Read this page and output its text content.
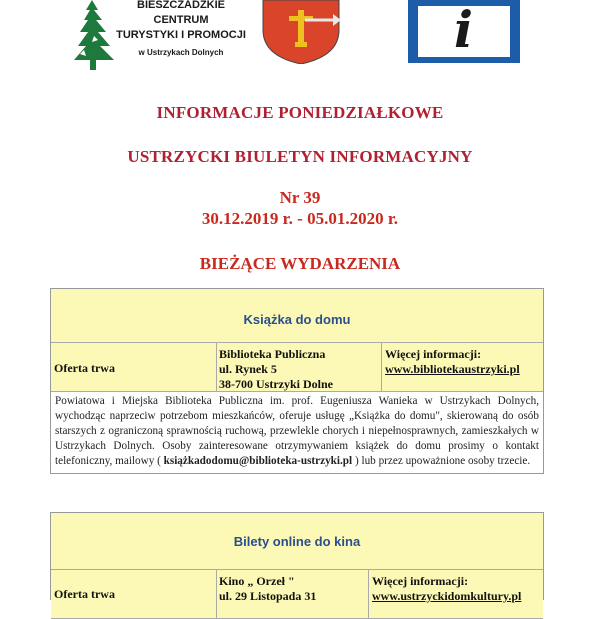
BIESZCZADZKIE
CENTRUM
TURYSTYKI I PROMOCJI
w Ustrzykach Dolnych	i

INFORMACJE PONIEDZIAŁKOWE

USTRZYCKI BIULETYN INFORMACYJNY

Nr 39

30.12.2019 r. - 05.01.2020 r.

BIEŻĄCE WYDARZENIA

Książka do domu
Oferta trwa
Biblioteka Publiczna
ul. Rynek 5
38-700 Ustrzyki Dolne
Więcej informacji:
www.bibliotekaustrzyki.pl
Powiatowa i Miejska Biblioteka Publiczna im. prof. Eugeniusza Wanieka w Ustrzykach Dolnych, wychodząc naprzeciw potrzebom mieszkańców, oferuje usługę „Książka do domu", skierowaną do osób starszych z ograniczoną sprawnością ruchową, przewlekle chorych i niepełnosprawnych, zamieszkałych w Ustrzykach Dolnych. Osoby zainteresowane otrzymywaniem książek do domu prosimy o kontakt telefoniczny, mailowy ( książkadodomu@biblioteka-ustrzyki.pl ) lub przez upoważnione osoby trzecie.
Bilety online do kina
Oferta trwa
Kino „ Orzeł "
ul. 29 Listopada 31
Więcej informacji:
www.ustrzyckidomkultury.pl
